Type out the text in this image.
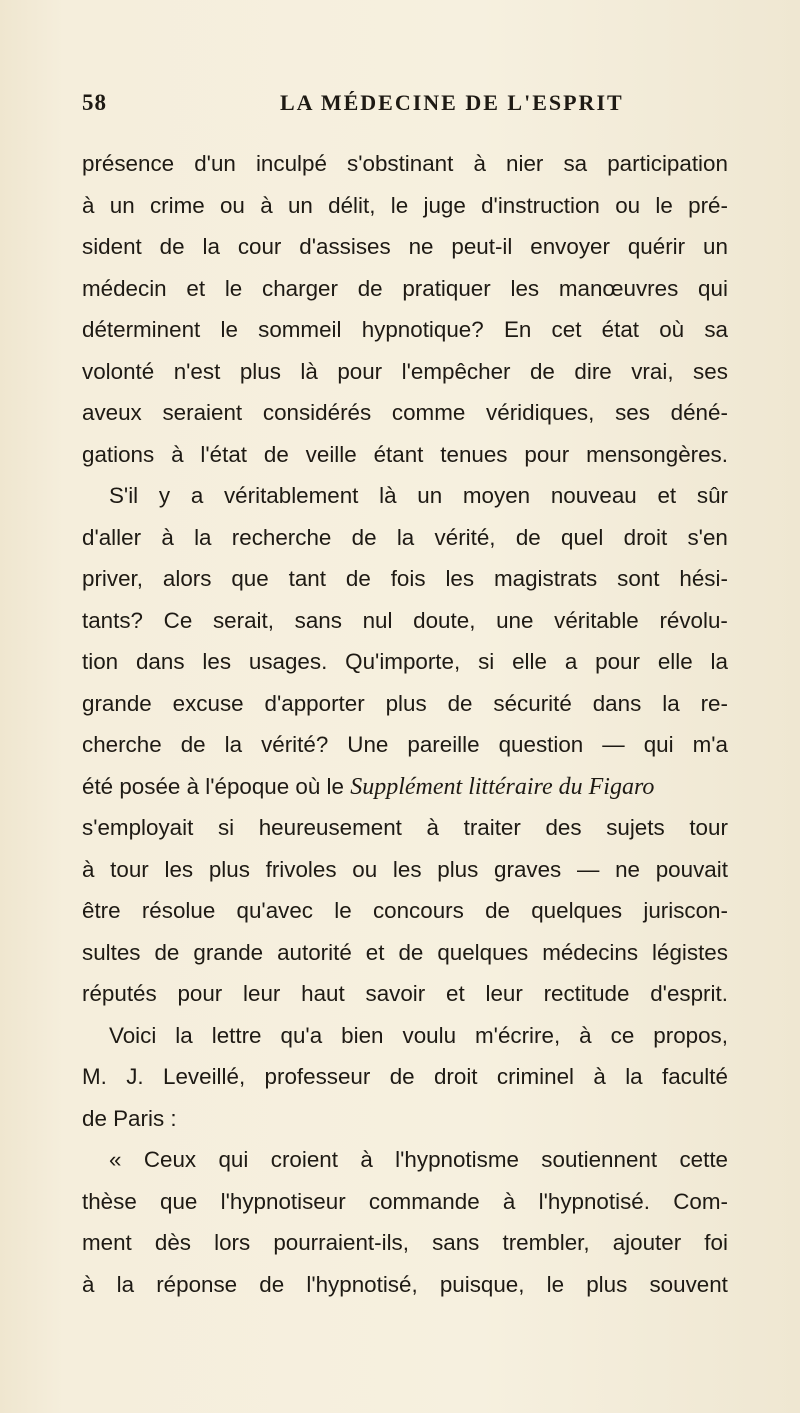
58	LA MÉDECINE DE L'ESPRIT
présence d'un inculpé s'obstinant à nier sa participation
à un crime ou à un délit, le juge d'instruction ou le pré-
sident de la cour d'assises ne peut-il envoyer quérir un
médecin et le charger de pratiquer les manœuvres qui
déterminent le sommeil hypnotique? En cet état où sa
volonté n'est plus là pour l'empêcher de dire vrai, ses
aveux seraient considérés comme véridiques, ses déné-
gations à l'état de veille étant tenues pour mensongères.
S'il y a véritablement là un moyen nouveau et sûr
d'aller à la recherche de la vérité, de quel droit s'en
priver, alors que tant de fois les magistrats sont hési-
tants? Ce serait, sans nul doute, une véritable révolu-
tion dans les usages. Qu'importe, si elle a pour elle la
grande excuse d'apporter plus de sécurité dans la re-
cherche de la vérité? Une pareille question — qui m'a
été posée à l'époque où le Supplément littéraire du Figaro
s'employait si heureusement à traiter des sujets tour
à tour les plus frivoles ou les plus graves — ne pouvait
être résolue qu'avec le concours de quelques juriscon-
sultes de grande autorité et de quelques médecins légistes
réputés pour leur haut savoir et leur rectitude d'esprit.
Voici la lettre qu'a bien voulu m'écrire, à ce propos,
M. J. Leveillé, professeur de droit criminel à la faculté
de Paris :
« Ceux qui croient à l'hypnotisme soutiennent cette
thèse que l'hypnotiseur commande à l'hypnotisé. Com-
ment dès lors pourraient-ils, sans trembler, ajouter foi
à la réponse de l'hypnotisé, puisque, le plus souvent
